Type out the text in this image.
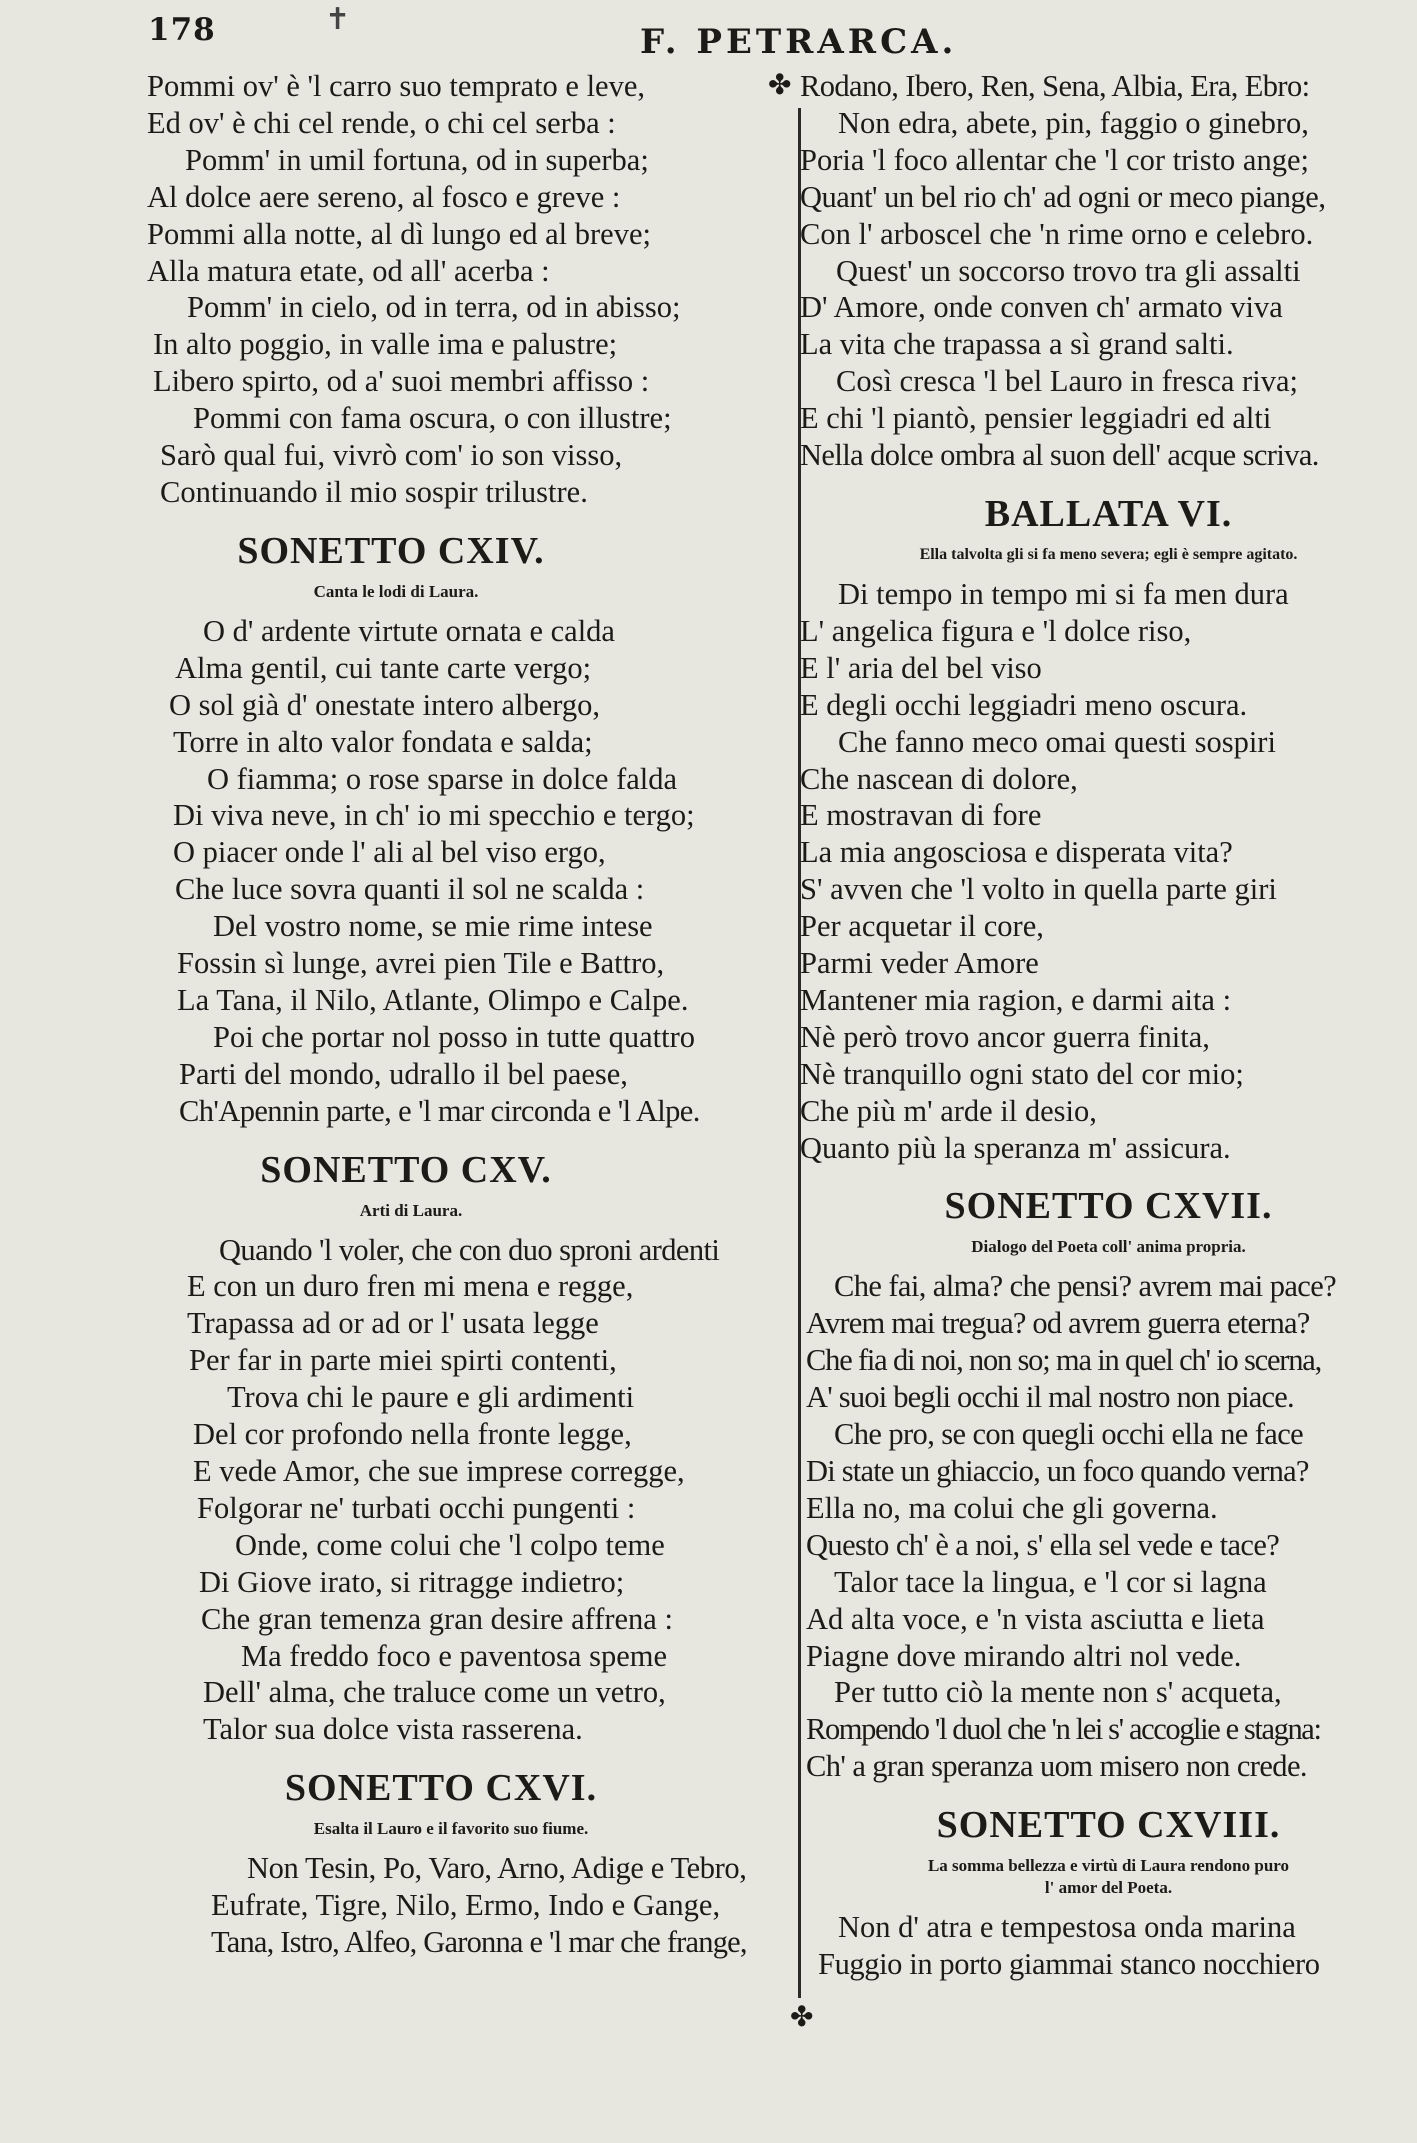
178	✝
F. PETRARCA.
✤
✤
Pommi ov' è 'l carro suo temprato e leve,
Ed ov' è chi cel rende, o chi cel serba :
Pomm' in umil fortuna, od in superba;
Al dolce aere sereno, al fosco e greve :
Pommi alla notte, al dì lungo ed al breve;
Alla matura etate, od all' acerba :
Pomm' in cielo, od in terra, od in abisso;
In alto poggio, in valle ima e palustre;
Libero spirto, od a' suoi membri affisso :
Pommi con fama oscura, o con illustre;
Sarò qual fui, vivrò com' io son visso,
Continuando il mio sospir trilustre.
SONETTO CXIV.
Canta le lodi di Laura.
O d' ardente virtute ornata e calda
Alma gentil, cui tante carte vergo;
O sol già d' onestate intero albergo,
Torre in alto valor fondata e salda;
O fiamma; o rose sparse in dolce falda
Di viva neve, in ch' io mi specchio e tergo;
O piacer onde l' ali al bel viso ergo,
Che luce sovra quanti il sol ne scalda :
Del vostro nome, se mie rime intese
Fossin sì lunge, avrei pien Tile e Battro,
La Tana, il Nilo, Atlante, Olimpo e Calpe.
Poi che portar nol posso in tutte quattro
Parti del mondo, udrallo il bel paese,
Ch'Apennin parte, e 'l mar circonda e 'l Alpe.
SONETTO CXV.
Arti di Laura.
Quando 'l voler, che con duo sproni ardenti
E con un duro fren mi mena e regge,
Trapassa ad or ad or l' usata legge
Per far in parte miei spirti contenti,
Trova chi le paure e gli ardimenti
Del cor profondo nella fronte legge,
E vede Amor, che sue imprese corregge,
Folgorar ne' turbati occhi pungenti :
Onde, come colui che 'l colpo teme
Di Giove irato, si ritragge indietro;
Che gran temenza gran desire affrena :
Ma freddo foco e paventosa speme
Dell' alma, che traluce come un vetro,
Talor sua dolce vista rasserena.
SONETTO CXVI.
Esalta il Lauro e il favorito suo fiume.
Non Tesin, Po, Varo, Arno, Adige e Tebro,
Eufrate, Tigre, Nilo, Ermo, Indo e Gange,
Tana, Istro, Alfeo, Garonna e 'l mar che frange,
Rodano, Ibero, Ren, Sena, Albia, Era, Ebro:
Non edra, abete, pin, faggio o ginebro,
Poria 'l foco allentar che 'l cor tristo ange;
Quant' un bel rio ch' ad ogni or meco piange,
Con l' arboscel che 'n rime orno e celebro.
Quest' un soccorso trovo tra gli assalti
D' Amore, onde conven ch' armato viva
La vita che trapassa a sì grand salti.
Così cresca 'l bel Lauro in fresca riva;
E chi 'l piantò, pensier leggiadri ed alti
Nella dolce ombra al suon dell' acque scriva.
BALLATA VI.
Ella talvolta gli si fa meno severa; egli è sempre agitato.
Di tempo in tempo mi si fa men dura
L' angelica figura e 'l dolce riso,
E l' aria del bel viso
E degli occhi leggiadri meno oscura.
Che fanno meco omai questi sospiri
Che nascean di dolore,
E mostravan di fore
La mia angosciosa e disperata vita?
S' avven che 'l volto in quella parte giri
Per acquetar il core,
Parmi veder Amore
Mantener mia ragion, e darmi aita :
Nè però trovo ancor guerra finita,
Nè tranquillo ogni stato del cor mio;
Che più m' arde il desio,
Quanto più la speranza m' assicura.
SONETTO CXVII.
Dialogo del Poeta coll' anima propria.
Che fai, alma? che pensi? avrem mai pace?
Avrem mai tregua? od avrem guerra eterna?
Che fia di noi, non so; ma in quel ch' io scerna,
A' suoi begli occhi il mal nostro non piace.
Che pro, se con quegli occhi ella ne face
Di state un ghiaccio, un foco quando verna?
Ella no, ma colui che gli governa.
Questo ch' è a noi, s' ella sel vede e tace?
Talor tace la lingua, e 'l cor si lagna
Ad alta voce, e 'n vista asciutta e lieta
Piagne dove mirando altri nol vede.
Per tutto ciò la mente non s' acqueta,
Rompendo 'l duol che 'n lei s' accoglie e stagna:
Ch' a gran speranza uom misero non crede.
SONETTO CXVIII.
La somma bellezza e virtù di Laura rendono puro
l' amor del Poeta.
Non d' atra e tempestosa onda marina
Fuggio in porto giammai stanco nocchiero
